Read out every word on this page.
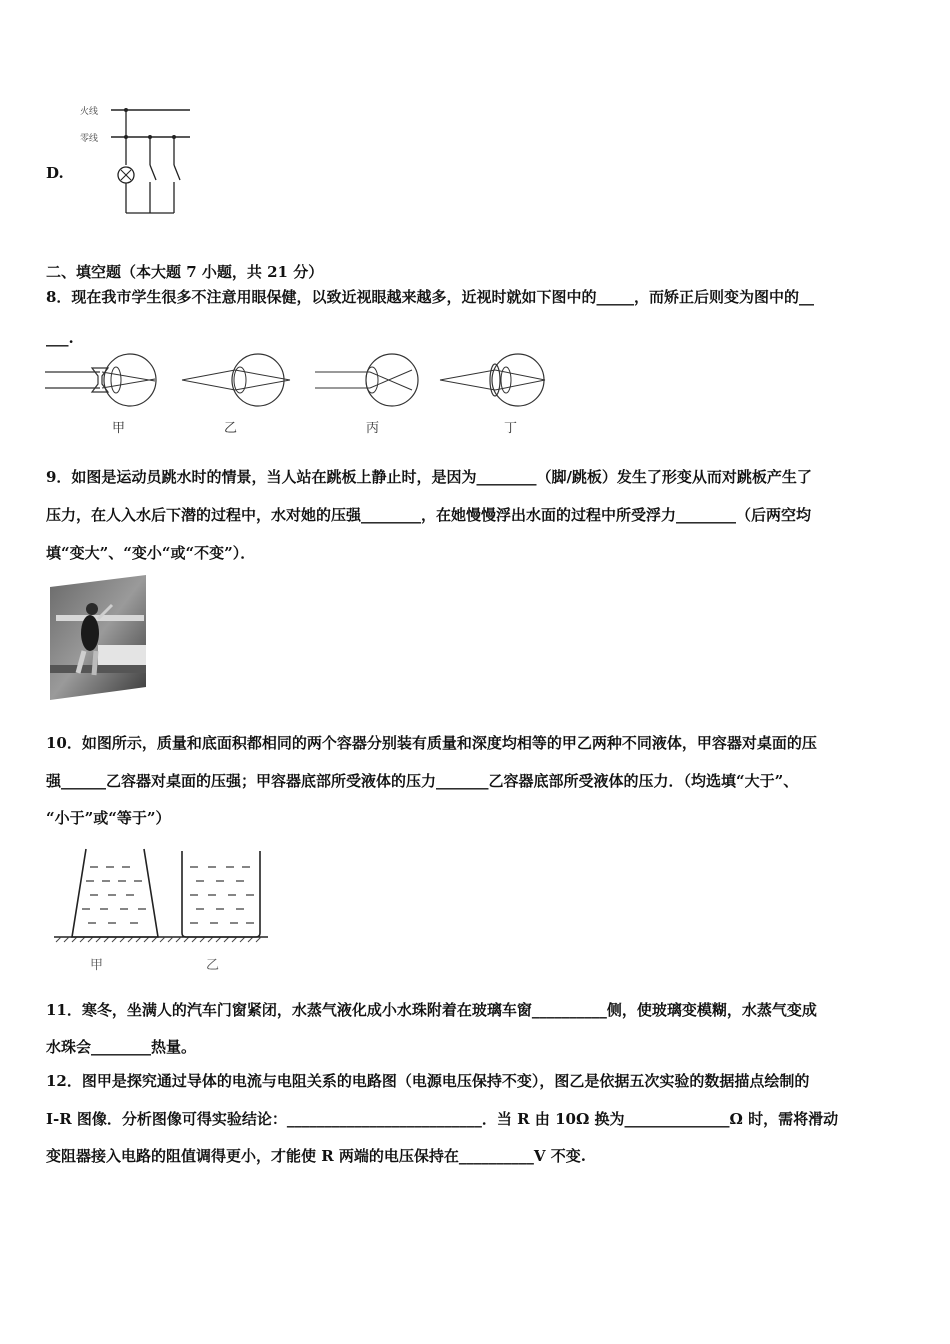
D.
火线
零线
二、填空题（本大题 7 小题，共 21 分）
8．现在我市学生很多不注意用眼保健，以致近视眼越来越多，近视时就如下图中的_____，而矫正后则变为图中的__
___.
甲	乙	丙	丁
9．如图是运动员跳水时的情景，当人站在跳板上静止时，是因为________（脚/跳板）发生了形变从而对跳板产生了
压力，在人入水后下潜的过程中，水对她的压强________，在她慢慢浮出水面的过程中所受浮力________（后两空均
填“变大”、“变小“或“不变”）．
10．如图所示，质量和底面积都相同的两个容器分别装有质量和深度均相等的甲乙两种不同液体，甲容器对桌面的压
强______乙容器对桌面的压强；甲容器底部所受液体的压力_______乙容器底部所受液体的压力．（均选填“大于”、
“小于”或“等于”）
甲	乙
11．寒冬，坐满人的汽车门窗紧闭，水蒸气液化成小水珠附着在玻璃车窗__________侧，使玻璃变模糊，水蒸气变成
水珠会________热量。
12．图甲是探究通过导体的电流与电阻关系的电路图（电源电压保持不变），图乙是依据五次实验的数据描点绘制的
I-R 图像．分析图像可得实验结论：__________________________．当 R 由 10Ω 换为______________Ω 时，需将滑动
变阻器接入电路的阻值调得更小，才能使 R 两端的电压保持在__________V 不变.
